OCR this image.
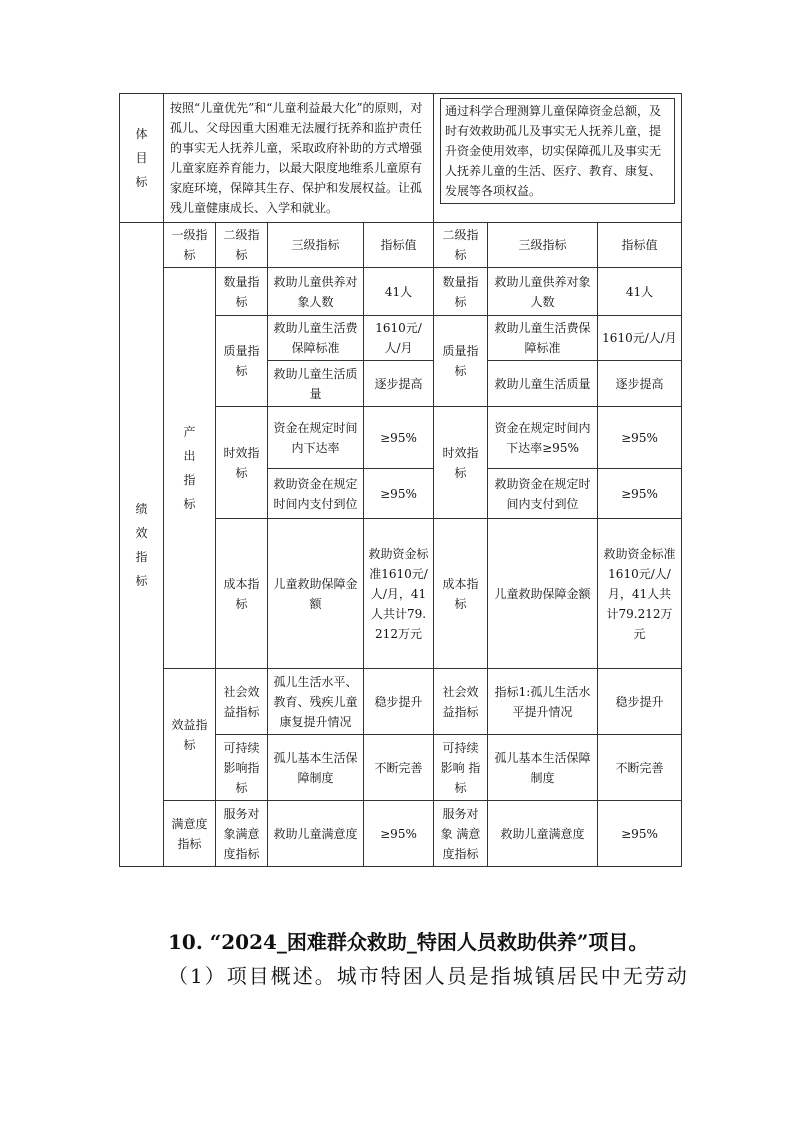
体目标	按照“儿童优先”和“儿童利益最大化”的原则，对孤儿、父母因重大困难无法履行抚养和监护责任的事实无人抚养儿童，采取政府补助的方式增强儿童家庭养育能力，以最大限度地维系儿童原有家庭环境，保障其生存、保护和发展权益。让孤残儿童健康成长、入学和就业。				通过科学合理测算儿童保障资金总额，及时有效救助孤儿及事实无人抚养儿童，提升资金使用效率，切实保障孤儿及事实无人抚养儿童的生活、医疗、教育、康复、发展等各项权益。		

绩效指标	一级指标	二级指标	三级指标	指标值	二级指标	三级指标	指标值
	产出指标	数量指标	救助儿童供养对象人数	41人	数量指标	救助儿童供养对象人数	41人
		质量指标	救助儿童生活费保障标准	1610元/人/月	质量指标	救助儿童生活费保障标准	1610元/人/月
			救助儿童生活质量	逐步提高		救助儿童生活质量	逐步提高
		时效指标	资金在规定时间内下达率	≥95%	时效指标	资金在规定时间内下达率≥95%	≥95%
			救助资金在规定时间内支付到位	≥95%		救助资金在规定时间内支付到位	≥95%
		成本指标	儿童救助保障金额	救助资金标准1610元/人/月，41人共计79.212万元	成本指标	儿童救助保障金额	救助资金标准1610元/人/月，41人共计79.212万元
	效益指标	社会效益指标	孤儿生活水平、教育、残疾儿童康复提升情况	稳步提升	社会效 益指标	指标1:孤儿生活水平提升情况	稳步提升
		可持续影响指标	孤儿基本生活保障制度	不断完善	可持续影响 指标	孤儿基本生活保障制度	不断完善
	满意度指标	服务对象满意度指标	救助儿童满意度	≥95%	服务对象 满意度指标	救助儿童满意度	≥95%
10. “2024_困难群众救助_特困人员救助供养”项目。
（1）项目概述。城市特困人员是指城镇居民中无劳动
